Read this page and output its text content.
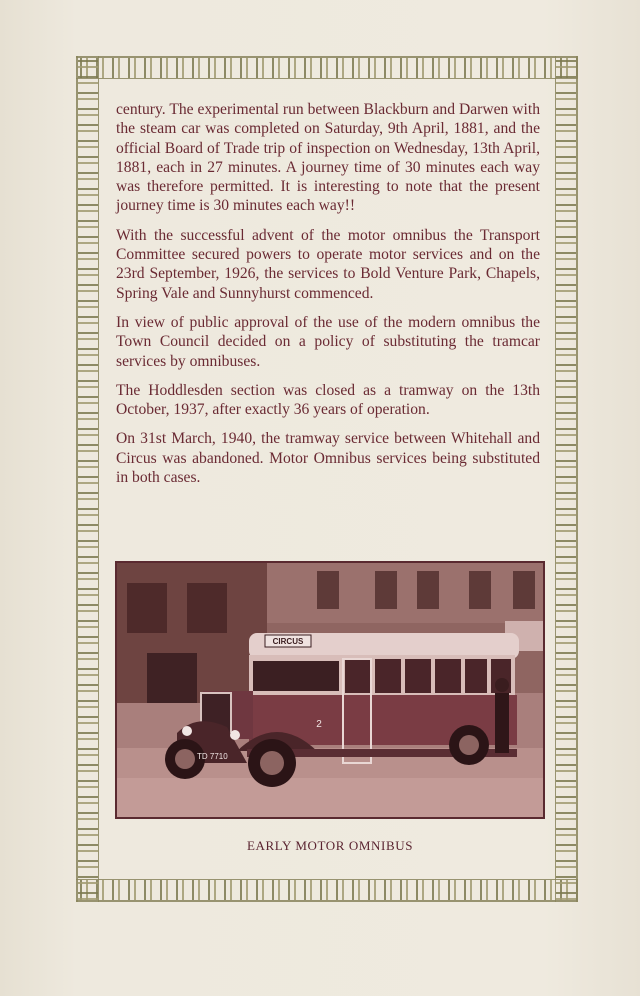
century. The experimental run between Blackburn and Darwen with the steam car was completed on Saturday, 9th April, 1881, and the official Board of Trade trip of inspection on Wednesday, 13th April, 1881, each in 27 minutes. A journey time of 30 minutes each way was therefore permitted. It is interesting to note that the present journey time is 30 minutes each way!!

With the successful advent of the motor omnibus the Transport Committee secured powers to operate motor services and on the 23rd September, 1926, the services to Bold Venture Park, Chapels, Spring Vale and Sunnyhurst commenced.

In view of public approval of the use of the modern omnibus the Town Council decided on a policy of substituting the tramcar services by omnibuses.

The Hoddlesden section was closed as a tramway on the 13th October, 1937, after exactly 36 years of operation.

On 31st March, 1940, the tramway service between Whitehall and Circus was abandoned. Motor Omnibus services being substituted in both cases.

CIRCUS
2
TD 7710
EARLY MOTOR OMNIBUS
